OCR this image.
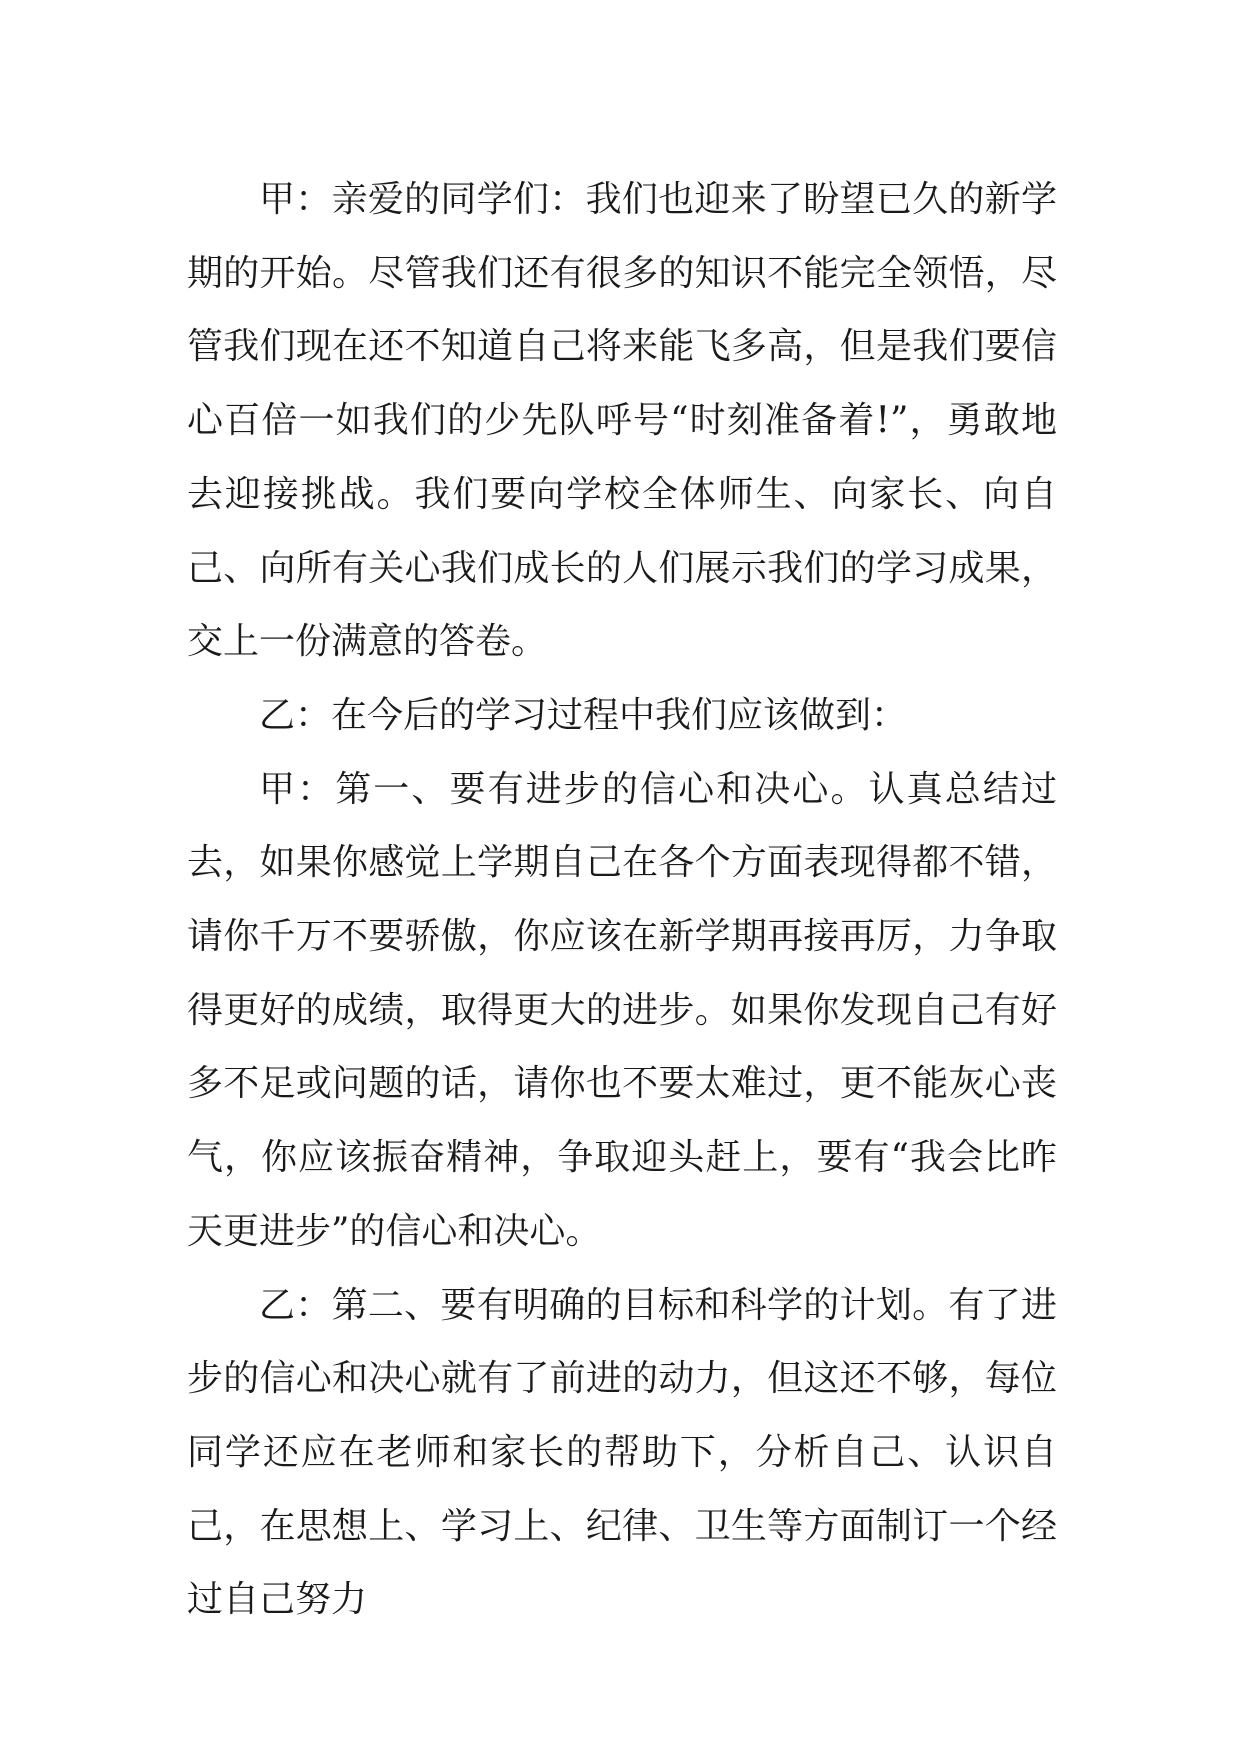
甲：亲爱的同学们：我们也迎来了盼望已久的新学期的开始。尽管我们还有很多的知识不能完全领悟，尽管我们现在还不知道自己将来能飞多高，但是我们要信心百倍一如我们的少先队呼号“时刻准备着!”，勇敢地去迎接挑战。我们要向学校全体师生、向家长、向自己、向所有关心我们成长的人们展示我们的学习成果，交上一份满意的答卷。

乙：在今后的学习过程中我们应该做到：

甲：第一、要有进步的信心和决心。认真总结过去，如果你感觉上学期自己在各个方面表现得都不错，请你千万不要骄傲，你应该在新学期再接再厉，力争取得更好的成绩，取得更大的进步。如果你发现自己有好多不足或问题的话，请你也不要太难过，更不能灰心丧气，你应该振奋精神，争取迎头赶上，要有“我会比昨天更进步”的信心和决心。

乙：第二、要有明确的目标和科学的计划。有了进步的信心和决心就有了前进的动力，但这还不够，每位同学还应在老师和家长的帮助下，分析自己、认识自己，在思想上、学习上、纪律、卫生等方面制订一个经过自己努力
